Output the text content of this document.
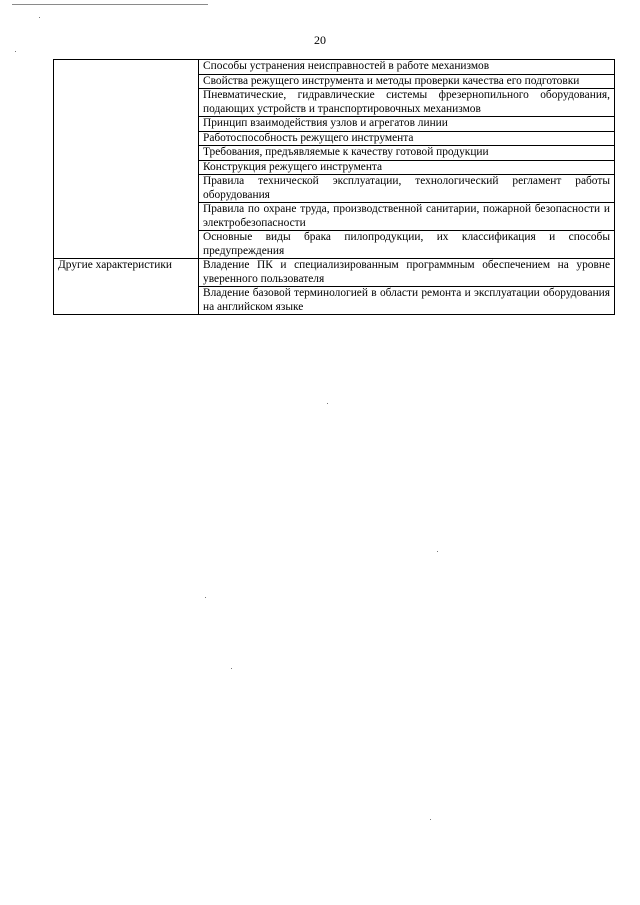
20
	Способы устранения неисправностей в работе механизмов
	Свойства режущего инструмента и методы проверки качества его подготовки
	Пневматические, гидравлические системы фрезернопильного оборудования, подающих устройств и транспортировочных механизмов
	Принцип взаимодействия узлов и агрегатов линии
	Работоспособность режущего инструмента
	Требования, предъявляемые к качеству готовой продукции
	Конструкция режущего инструмента
	Правила технической эксплуатации, технологический регламент работы оборудования
	Правила по охране труда, производственной санитарии, пожарной безопасности и электробезопасности
	Основные виды брака пилопродукции, их классификация и способы предупреждения
Другие характеристики	Владение ПК и специализированным программным обеспечением на уровне уверенного пользователя
	Владение базовой терминологией в области ремонта и эксплуатации оборудования на английском языке
